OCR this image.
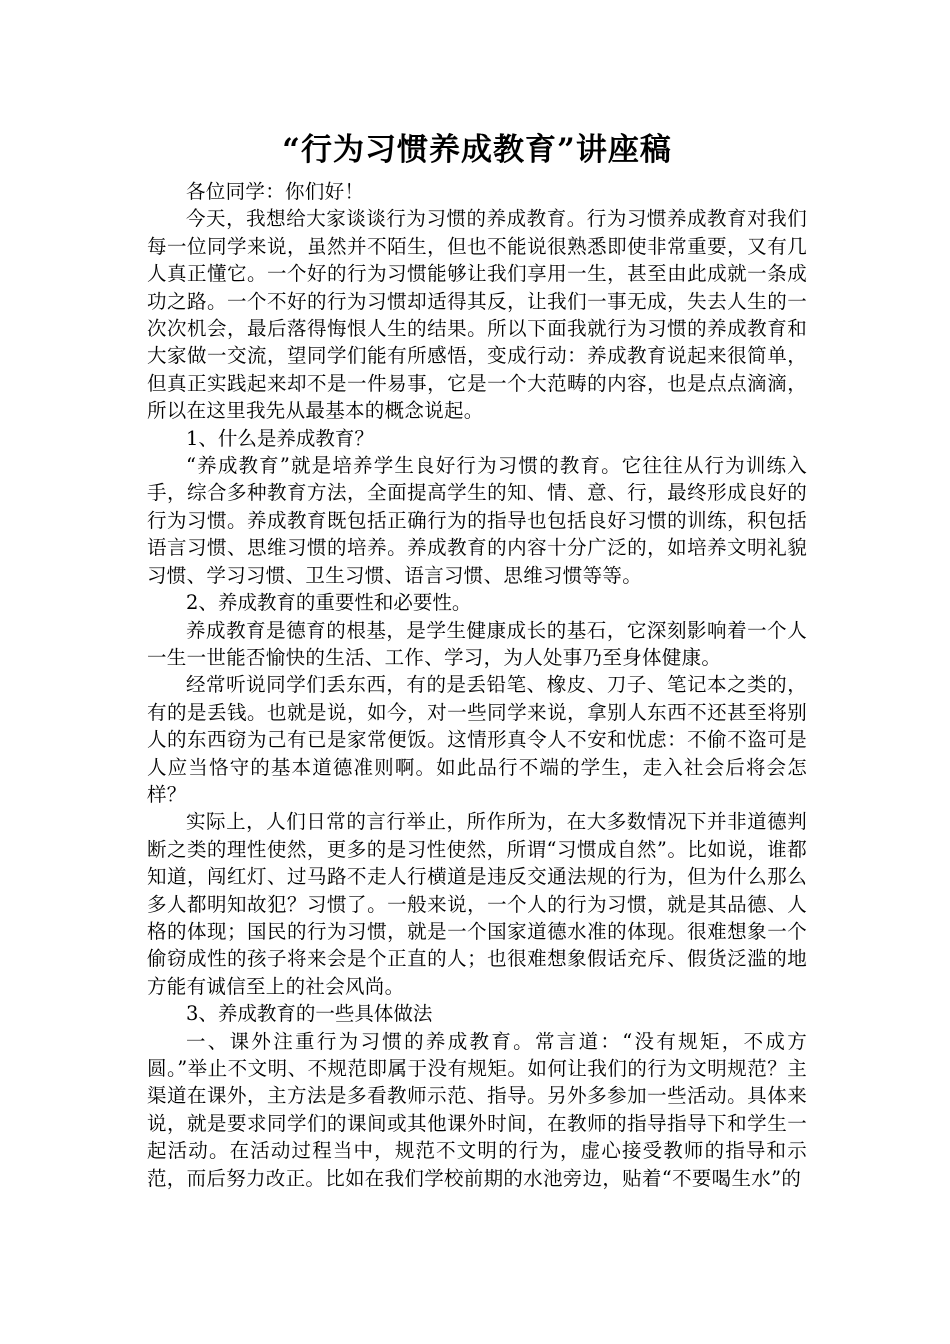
“行为习惯养成教育”讲座稿

各位同学：你们好！

今天，我想给大家谈谈行为习惯的养成教育。行为习惯养成教育对我们每一位同学来说，虽然并不陌生，但也不能说很熟悉即使非常重要，又有几人真正懂它。一个好的行为习惯能够让我们享用一生，甚至由此成就一条成功之路。一个不好的行为习惯却适得其反，让我们一事无成，失去人生的一次次机会，最后落得悔恨人生的结果。所以下面我就行为习惯的养成教育和大家做一交流，望同学们能有所感悟，变成行动：养成教育说起来很简单，但真正实践起来却不是一件易事，它是一个大范畴的内容，也是点点滴滴，所以在这里我先从最基本的概念说起。

1、什么是养成教育？

“养成教育”就是培养学生良好行为习惯的教育。它往往从行为训练入手，综合多种教育方法，全面提高学生的知、情、意、行，最终形成良好的行为习惯。养成教育既包括正确行为的指导也包括良好习惯的训练，积包括语言习惯、思维习惯的培养。养成教育的内容十分广泛的，如培养文明礼貌习惯、学习习惯、卫生习惯、语言习惯、思维习惯等等。

2、养成教育的重要性和必要性。

养成教育是德育的根基，是学生健康成长的基石，它深刻影响着一个人一生一世能否愉快的生活、工作、学习，为人处事乃至身体健康。

经常听说同学们丢东西，有的是丢铅笔、橡皮、刀子、笔记本之类的，有的是丢钱。也就是说，如今，对一些同学来说，拿别人东西不还甚至将别人的东西窃为己有已是家常便饭。这情形真令人不安和忧虑：不偷不盗可是人应当恪守的基本道德准则啊。如此品行不端的学生，走入社会后将会怎样？

实际上，人们日常的言行举止，所作所为，在大多数情况下并非道德判断之类的理性使然，更多的是习性使然，所谓“习惯成自然”。比如说，谁都知道，闯红灯、过马路不走人行横道是违反交通法规的行为，但为什么那么多人都明知故犯？习惯了。一般来说，一个人的行为习惯，就是其品德、人格的体现；国民的行为习惯，就是一个国家道德水准的体现。很难想象一个偷窃成性的孩子将来会是个正直的人；也很难想象假话充斥、假货泛滥的地方能有诚信至上的社会风尚。

3、养成教育的一些具体做法

一、课外注重行为习惯的养成教育。常言道：“没有规矩，不成方圆。”举止不文明、不规范即属于没有规矩。如何让我们的行为文明规范？主渠道在课外，主方法是多看教师示范、指导。另外多参加一些活动。具体来说，就是要求同学们的课间或其他课外时间，在教师的指导指导下和学生一起活动。在活动过程当中，规范不文明的行为，虚心接受教师的指导和示范，而后努力改正。比如在我们学校前期的水池旁边，贴着“不要喝生水”的
